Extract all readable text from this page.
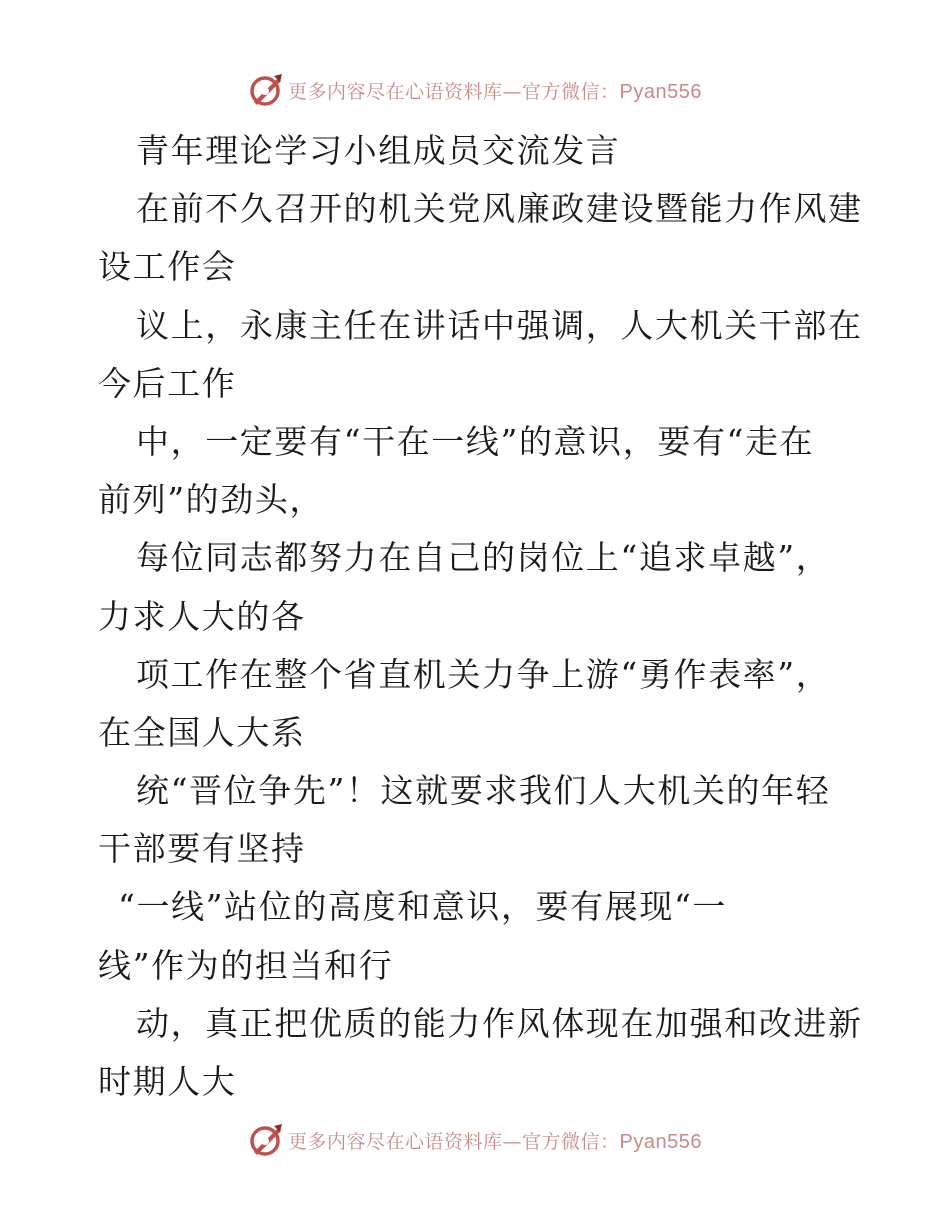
更多内容尽在心语资料库—官方微信：Pyan556
青年理论学习小组成员交流发言
在前不久召开的机关党风廉政建设暨能力作风建
设工作会
议上，永康主任在讲话中强调，人大机关干部在
今后工作
中，一定要有“干在一线”的意识，要有“走在
前列”的劲头，
每位同志都努力在自己的岗位上“追求卓越”，
力求人大的各
项工作在整个省直机关力争上游“勇作表率”，
在全国人大系
统“晋位争先”！这就要求我们人大机关的年轻
干部要有坚持
“一线”站位的高度和意识，要有展现“一
线”作为的担当和行
动，真正把优质的能力作风体现在加强和改进新
时期人大
更多内容尽在心语资料库—官方微信：Pyan556
